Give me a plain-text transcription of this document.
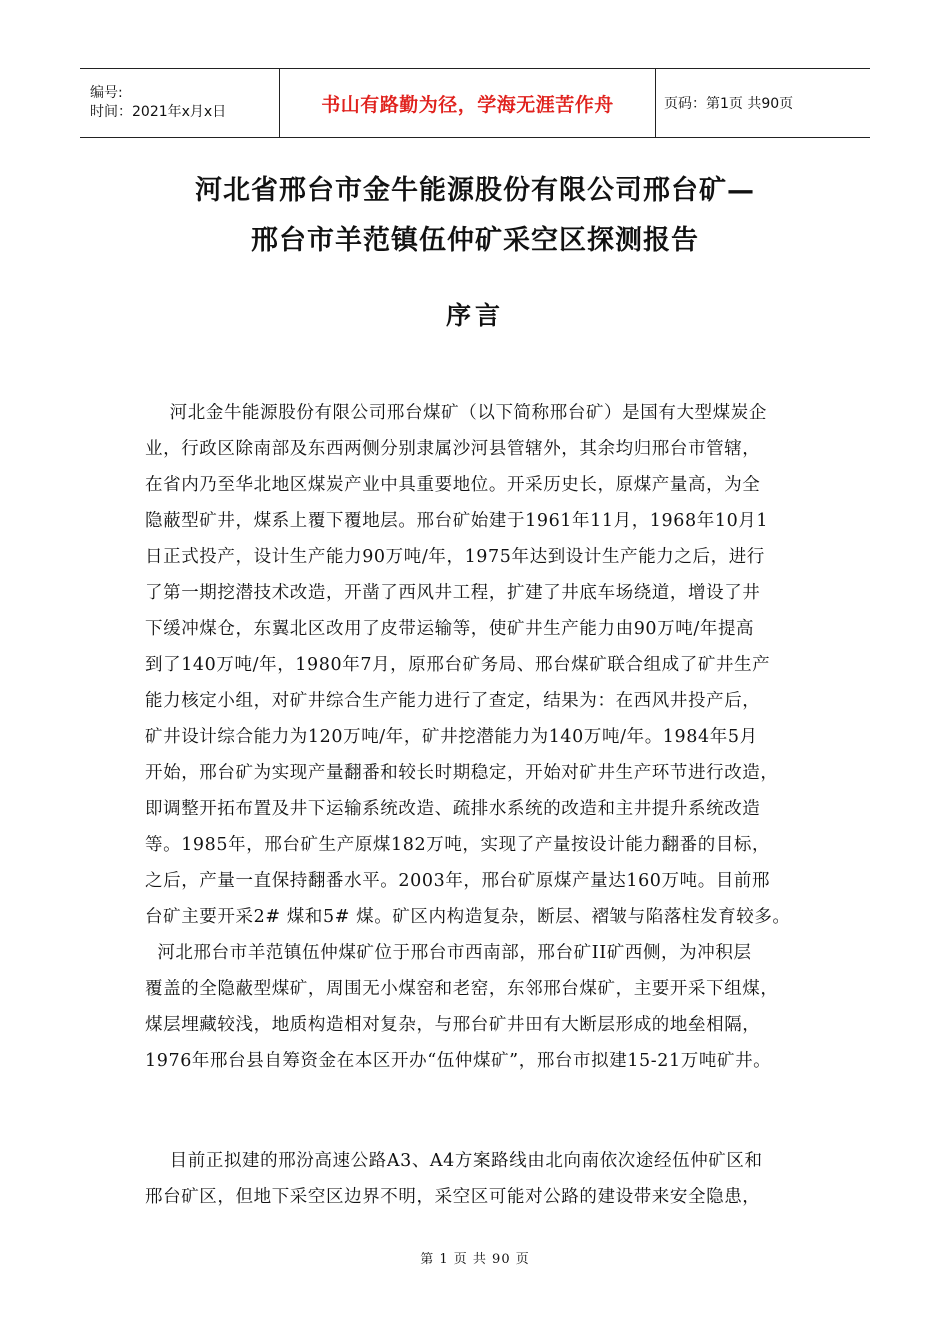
编号:
时间：2021年x月x日	书山有路勤为径，学海无涯苦作舟	页码：第1页 共90页
河北省邢台市金牛能源股份有限公司邢台矿—
邢台市羊范镇伍仲矿采空区探测报告
序言
河北金牛能源股份有限公司邢台煤矿（以下简称邢台矿）是国有大型煤炭企
业，行政区除南部及东西两侧分别隶属沙河县管辖外，其余均归邢台市管辖，
在省内乃至华北地区煤炭产业中具重要地位。开采历史长，原煤产量高，为全
隐蔽型矿井，煤系上覆下覆地层。邢台矿始建于1961年11月，1968年10月1
日正式投产，设计生产能力90万吨/年，1975年达到设计生产能力之后，进行
了第一期挖潜技术改造，开凿了西风井工程，扩建了井底车场绕道，增设了井
下缓冲煤仓，东翼北区改用了皮带运输等，使矿井生产能力由90万吨/年提高
到了140万吨/年，1980年7月，原邢台矿务局、邢台煤矿联合组成了矿井生产
能力核定小组，对矿井综合生产能力进行了查定，结果为：在西风井投产后，
矿井设计综合能力为120万吨/年，矿井挖潜能力为140万吨/年。1984年5月
开始，邢台矿为实现产量翻番和较长时期稳定，开始对矿井生产环节进行改造，
即调整开拓布置及井下运输系统改造、疏排水系统的改造和主井提升系统改造
等。1985年，邢台矿生产原煤182万吨，实现了产量按设计能力翻番的目标，
之后，产量一直保持翻番水平。2003年，邢台矿原煤产量达160万吨。目前邢
台矿主要开采2# 煤和5# 煤。矿区内构造复杂，断层、褶皱与陷落柱发育较多。
河北邢台市羊范镇伍仲煤矿位于邢台市西南部，邢台矿II矿西侧，为冲积层
覆盖的全隐蔽型煤矿，周围无小煤窑和老窑，东邻邢台煤矿，主要开采下组煤，
煤层埋藏较浅，地质构造相对复杂，与邢台矿井田有大断层形成的地垒相隔，
1976年邢台县自筹资金在本区开办“伍仲煤矿”，邢台市拟建15-21万吨矿井。
目前正拟建的邢汾高速公路A3、A4方案路线由北向南依次途经伍仲矿区和
邢台矿区，但地下采空区边界不明，采空区可能对公路的建设带来安全隐患，
第 1 页 共 90 页
